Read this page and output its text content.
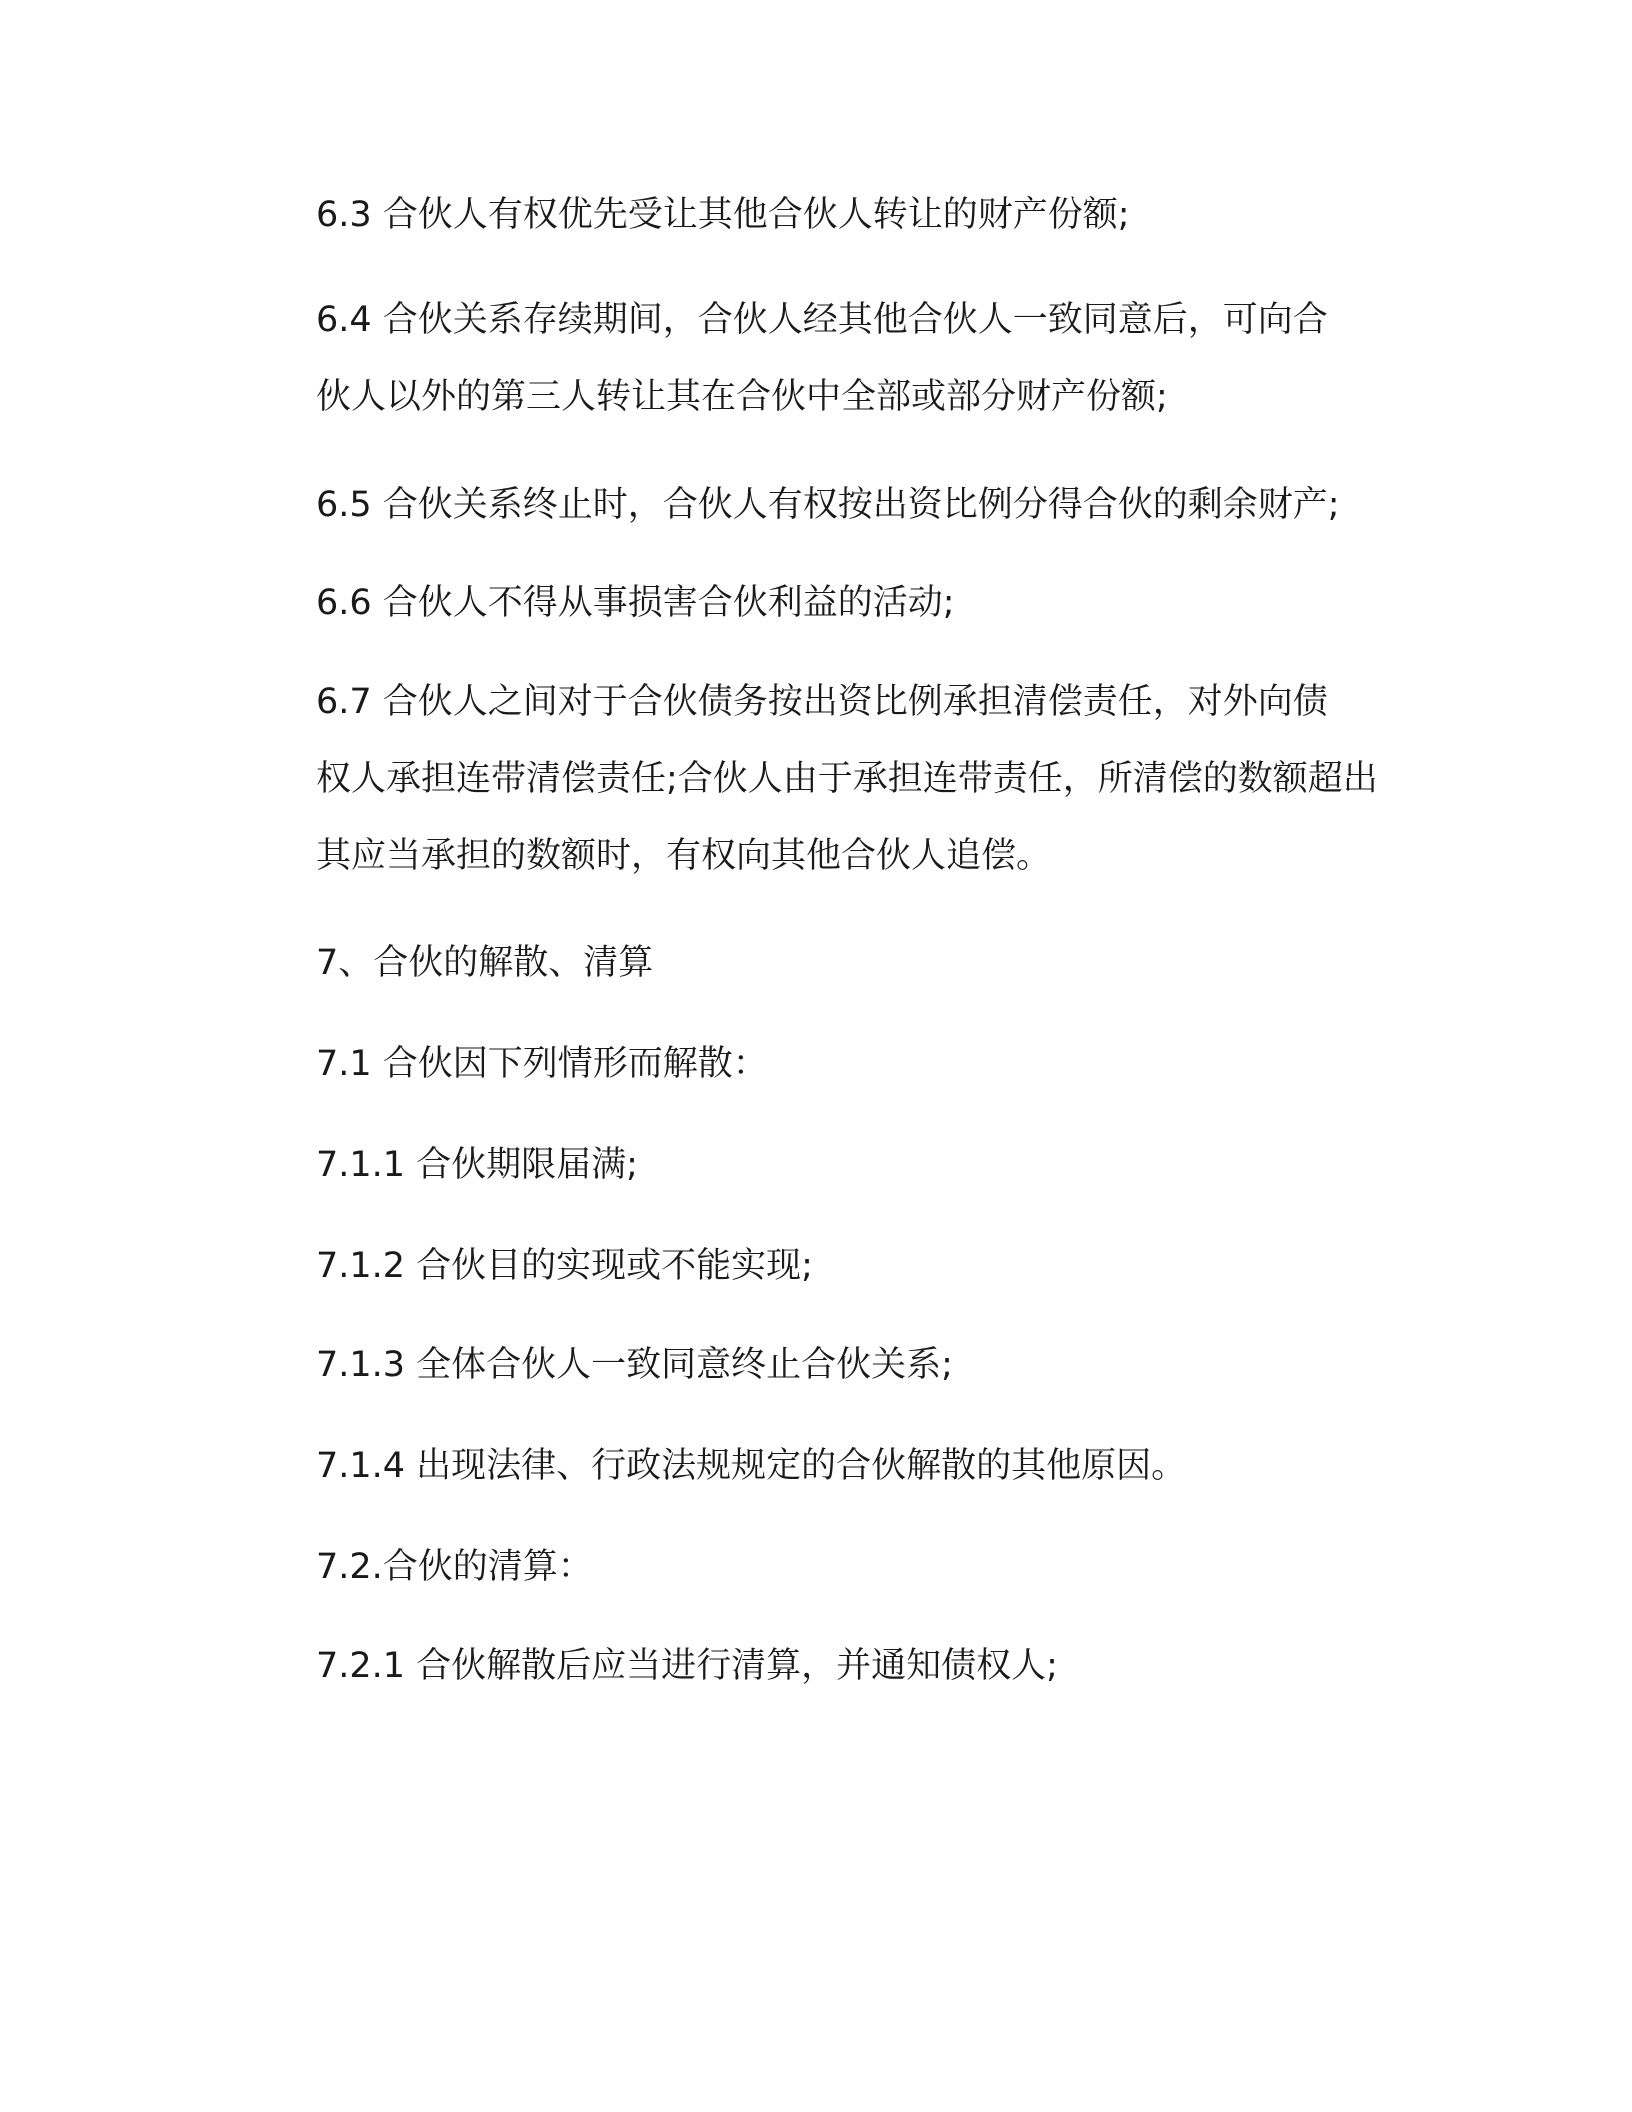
6.3 合伙人有权优先受让其他合伙人转让的财产份额;

6.4 合伙关系存续期间，合伙人经其他合伙人一致同意后，可向合
伙人以外的第三人转让其在合伙中全部或部分财产份额;

6.5 合伙关系终止时，合伙人有权按出资比例分得合伙的剩余财产;

6.6 合伙人不得从事损害合伙利益的活动;

6.7 合伙人之间对于合伙债务按出资比例承担清偿责任，对外向债
权人承担连带清偿责任;合伙人由于承担连带责任，所清偿的数额超出
其应当承担的数额时，有权向其他合伙人追偿。

7、合伙的解散、清算

7.1 合伙因下列情形而解散：

7.1.1 合伙期限届满;

7.1.2 合伙目的实现或不能实现;

7.1.3 全体合伙人一致同意终止合伙关系;

7.1.4 出现法律、行政法规规定的合伙解散的其他原因。

7.2.合伙的清算：

7.2.1 合伙解散后应当进行清算，并通知债权人;
